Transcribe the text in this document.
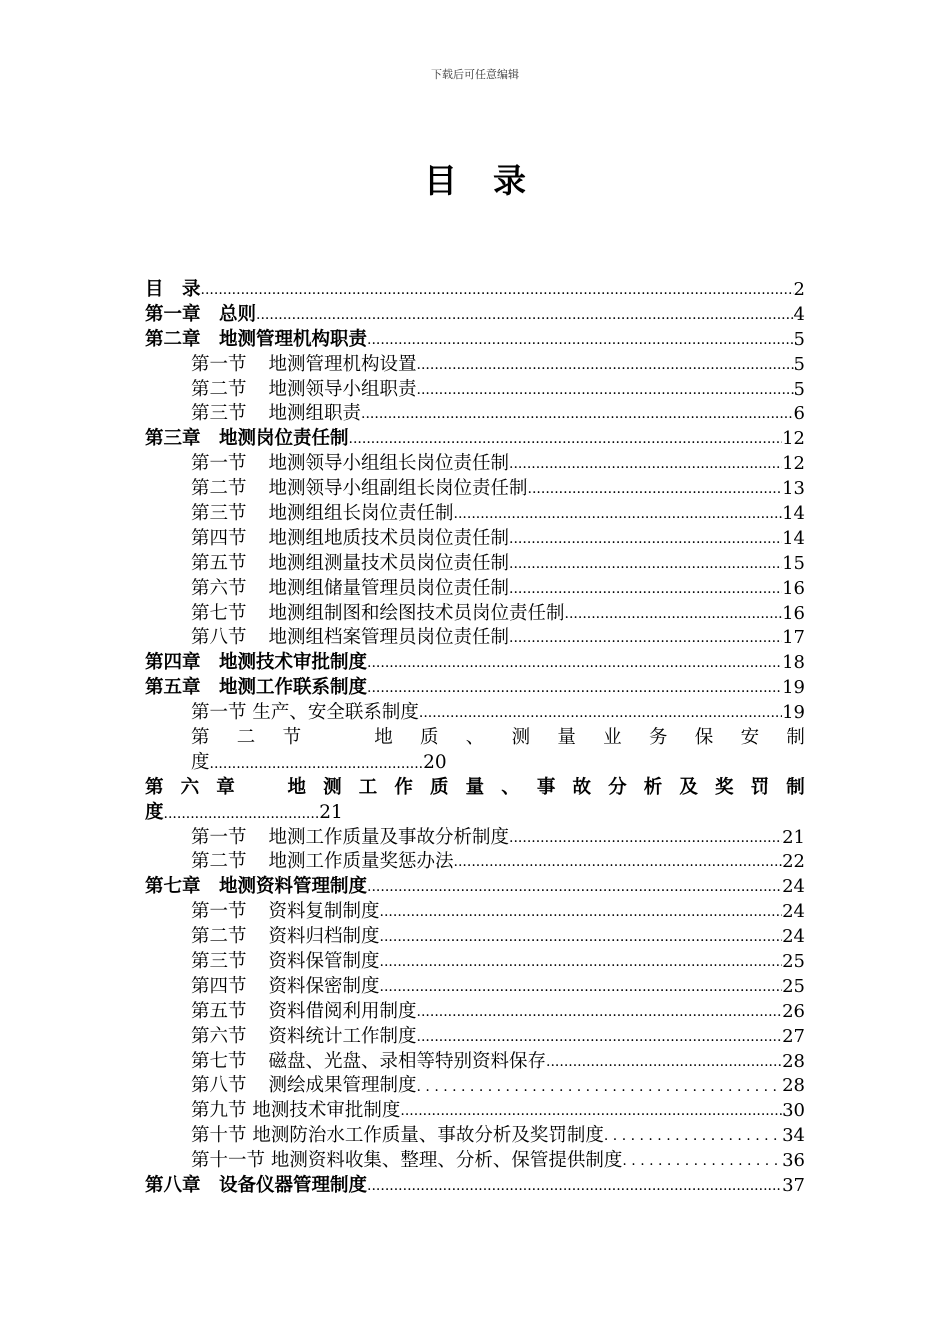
下载后可任意编辑
目录
目　录 .....	2
第一章　总则 .....	4
第二章　地测管理机构职责 .....	5
第一节 地测管理机构设置 .....	5
第二节 地测领导小组职责 .....	5
第三节 地测组职责 .....	6
第三章　地测岗位责任制 .....	12
第一节 地测领导小组组长岗位责任制 .....	12
第二节 地测领导小组副组长岗位责任制 .....	13
第三节 地测组组长岗位责任制 .....	14
第四节 地测组地质技术员岗位责任制 .....	14
第五节 地测组测量技术员岗位责任制 .....	15
第六节 地测组储量管理员岗位责任制 .....	16
第七节 地测组制图和绘图技术员岗位责任制 .....	16
第八节 地测组档案管理员岗位责任制 .....	17
第四章　地测技术审批制度 .....	18
第五章　地测工作联系制度 .....	19
第一节 生产、安全联系制度 .....	19
第 二 节
　	地 质 、 测 量 业 务 保 安 制
度................................................20
第 六 章
　	地 测 工 作 质 量 、 事 故 分 析 及 奖 罚 制
度...................................21
第一节 地测工作质量及事故分析制度 .....	21
第二节 地测工作质量奖惩办法 .....	22
第七章　地测资料管理制度 .....	24
第一节 资料复制制度 .....	24
第二节 资料归档制度 .....	24
第三节 资料保管制度 .....	25
第四节 资料保密制度 .....	25
第五节 资料借阅利用制度 .....	26
第六节 资料统计工作制度 .....	27
第七节 磁盘、光盘、录相等特别资料保存 .....	28
第八节 测绘成果管理制度 . .	28
第九节 地测技术审批制度 .....	30
第十节 地测防治水工作质量、事故分析及奖罚制度 . .	34
第十一节 地测资料收集、整理、分析、保管提供制度 . .	36
第八章　设备仪器管理制度 .....	37
